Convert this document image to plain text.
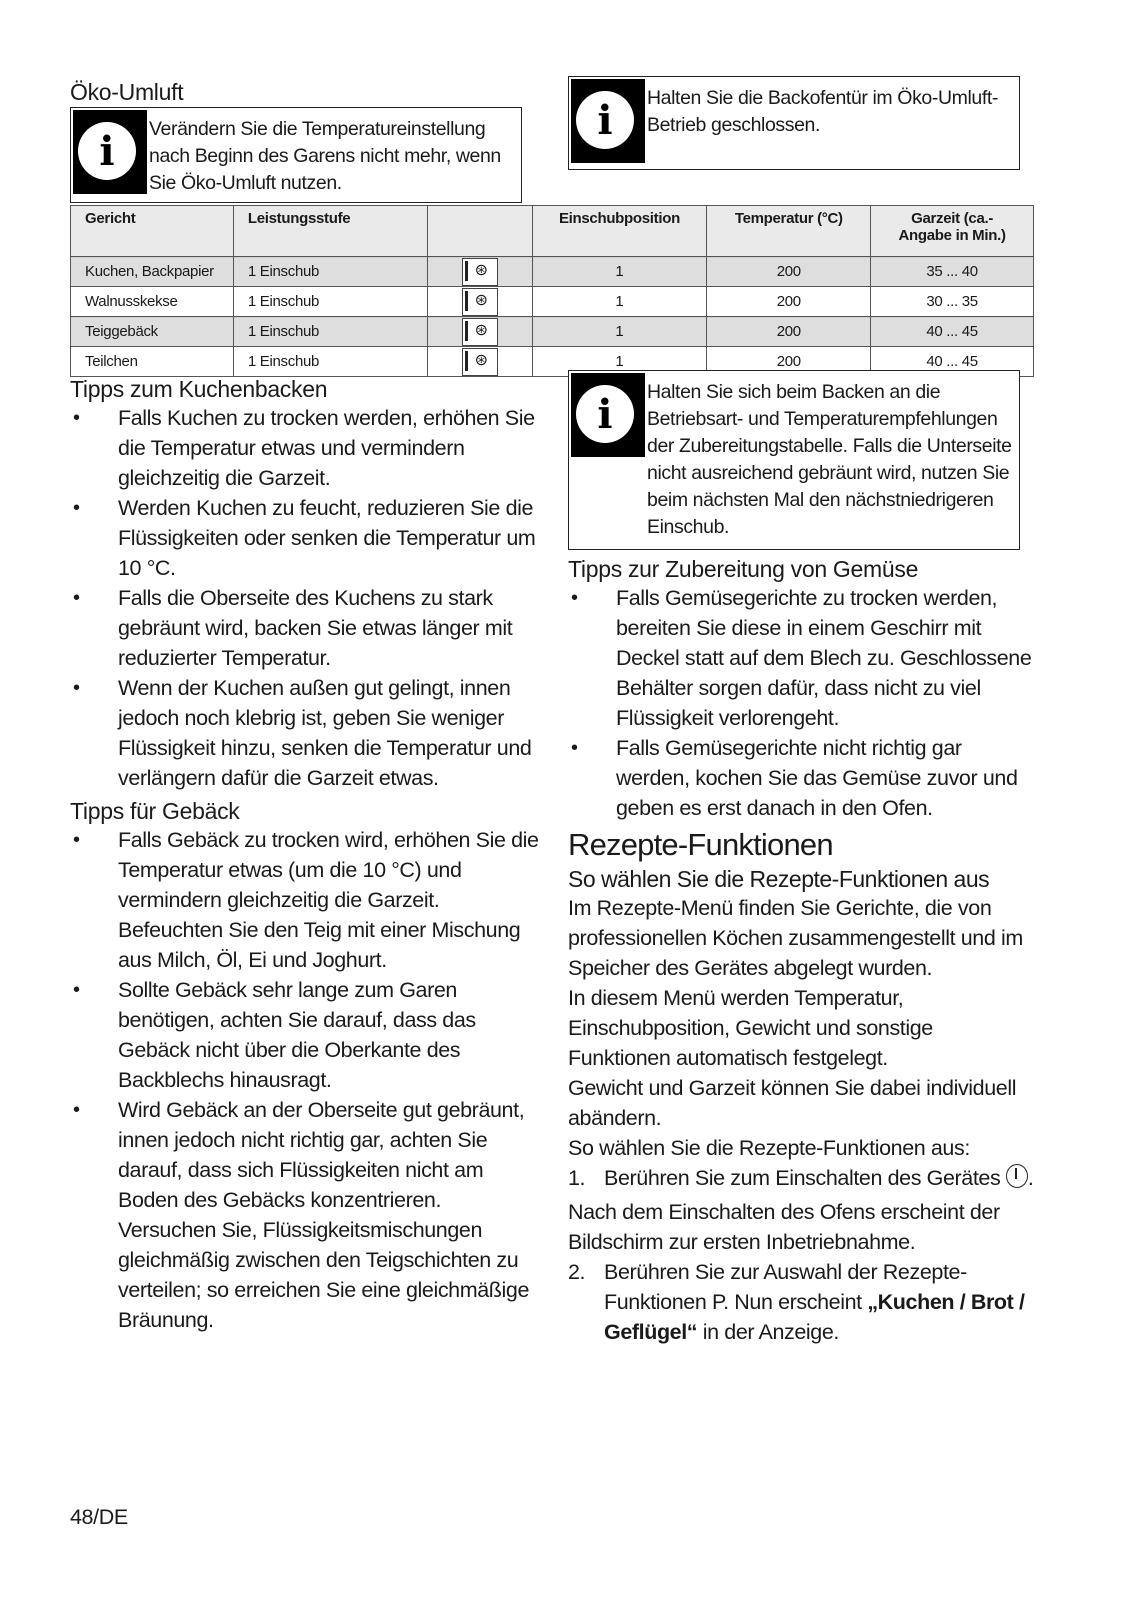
Öko-Umluft
i	Verändern Sie die Temperatureinstellung nach Beginn des Garens nicht mehr, wenn Sie Öko-Umluft nutzen.

i	Halten Sie die Backofentür im Öko-Umluft-Betrieb geschlossen.

Gericht	Leistungsstufe		Einschubposition	Temperatur (°C)	Garzeit (ca.-
Angabe in Min.)
Kuchen, Backpapier	1 Einschub	⊛	1	200	35 ... 40
Walnusskekse	1 Einschub	⊛	1	200	30 ... 35
Teiggebäck	1 Einschub	⊛	1	200	40 ... 45
Teilchen	1 Einschub	⊛	1	200	40 ... 45
Tipps zum Kuchenbacken
• Falls Kuchen zu trocken werden, erhöhen Sie die Temperatur etwas und vermindern gleichzeitig die Garzeit.
• Werden Kuchen zu feucht, reduzieren Sie die Flüssigkeiten oder senken die Temperatur um 10 °C.
• Falls die Oberseite des Kuchens zu stark gebräunt wird, backen Sie etwas länger mit reduzierter Temperatur.
• Wenn der Kuchen außen gut gelingt, innen jedoch noch klebrig ist, geben Sie weniger Flüssigkeit hinzu, senken die Temperatur und verlängern dafür die Garzeit etwas.
Tipps für Gebäck
• Falls Gebäck zu trocken wird, erhöhen Sie die Temperatur etwas (um die 10 °C) und vermindern gleichzeitig die Garzeit. Befeuchten Sie den Teig mit einer Mischung aus Milch, Öl, Ei und Joghurt.
• Sollte Gebäck sehr lange zum Garen benötigen, achten Sie darauf, dass das Gebäck nicht über die Oberkante des Backblechs hinausragt.
• Wird Gebäck an der Oberseite gut gebräunt, innen jedoch nicht richtig gar, achten Sie darauf, dass sich Flüssigkeiten nicht am Boden des Gebäcks konzentrieren. Versuchen Sie, Flüssigkeitsmischungen gleichmäßig zwischen den Teigschichten zu verteilen; so erreichen Sie eine gleichmäßige Bräunung.
i	Halten Sie sich beim Backen an die Betriebsart- und Temperaturempfehlungen der Zubereitungstabelle. Falls die Unterseite nicht ausreichend gebräunt wird, nutzen Sie beim nächsten Mal den nächstniedrigeren Einschub.

Tipps zur Zubereitung von Gemüse
• Falls Gemüsegerichte zu trocken werden, bereiten Sie diese in einem Geschirr mit Deckel statt auf dem Blech zu. Geschlossene Behälter sorgen dafür, dass nicht zu viel Flüssigkeit verlorengeht.
• Falls Gemüsegerichte nicht richtig gar werden, kochen Sie das Gemüse zuvor und geben es erst danach in den Ofen.
Rezepte-Funktionen
So wählen Sie die Rezepte-Funktionen aus

Im Rezepte-Menü finden Sie Gerichte, die von professionellen Köchen zusammengestellt und im Speicher des Gerätes abgelegt wurden.

In diesem Menü werden Temperatur, Einschubposition, Gewicht und sonstige Funktionen automatisch festgelegt.

Gewicht und Garzeit können Sie dabei individuell abändern.

So wählen Sie die Rezepte-Funktionen aus:

1. Berühren Sie zum Einschalten des Gerätes .

Nach dem Einschalten des Ofens erscheint der Bildschirm zur ersten Inbetriebnahme.

2. Berühren Sie zur Auswahl der Rezepte-Funktionen P. Nun erscheint „Kuchen / Brot / Geflügel“ in der Anzeige.
48/DE
